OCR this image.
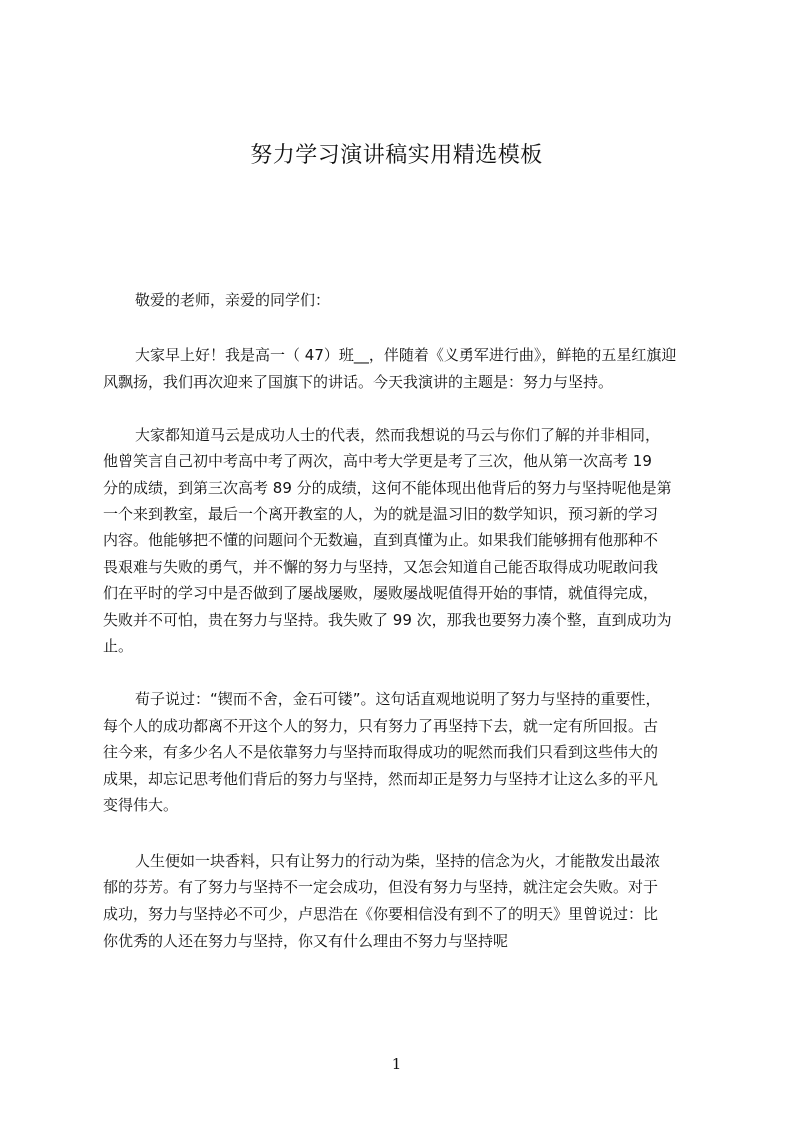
努力学习演讲稿实用精选模板
敬爱的老师，亲爱的同学们：
大家早上好！我是高一（ 47）班__，伴随着《义勇军进行曲》，鲜艳的五星红旗迎
风飘扬，我们再次迎来了国旗下的讲话。今天我演讲的主题是：努力与坚持。
大家都知道马云是成功人士的代表，然而我想说的马云与你们了解的并非相同，
他曾笑言自己初中考高中考了两次，高中考大学更是考了三次，他从第一次高考 19
分的成绩，到第三次高考 89 分的成绩，这何不能体现出他背后的努力与坚持呢他是第
一个来到教室，最后一个离开教室的人，为的就是温习旧的数学知识，预习新的学习
内容。他能够把不懂的问题问个无数遍，直到真懂为止。如果我们能够拥有他那种不
畏艰难与失败的勇气，并不懈的努力与坚持，又怎会知道自己能否取得成功呢敢问我
们在平时的学习中是否做到了屡战屡败，屡败屡战呢值得开始的事情，就值得完成，
失败并不可怕，贵在努力与坚持。我失败了 99 次，那我也要努力凑个整，直到成功为
止。
荀子说过：“锲而不舍，金石可镂”。这句话直观地说明了努力与坚持的重要性，
每个人的成功都离不开这个人的努力，只有努力了再坚持下去，就一定有所回报。古
往今来，有多少名人不是依靠努力与坚持而取得成功的呢然而我们只看到这些伟大的
成果，却忘记思考他们背后的努力与坚持，然而却正是努力与坚持才让这么多的平凡
变得伟大。
人生便如一块香料，只有让努力的行动为柴，坚持的信念为火，才能散发出最浓
郁的芬芳。有了努力与坚持不一定会成功，但没有努力与坚持，就注定会失败。对于
成功，努力与坚持必不可少，卢思浩在《你要相信没有到不了的明天》里曾说过：比
你优秀的人还在努力与坚持，你又有什么理由不努力与坚持呢
1
